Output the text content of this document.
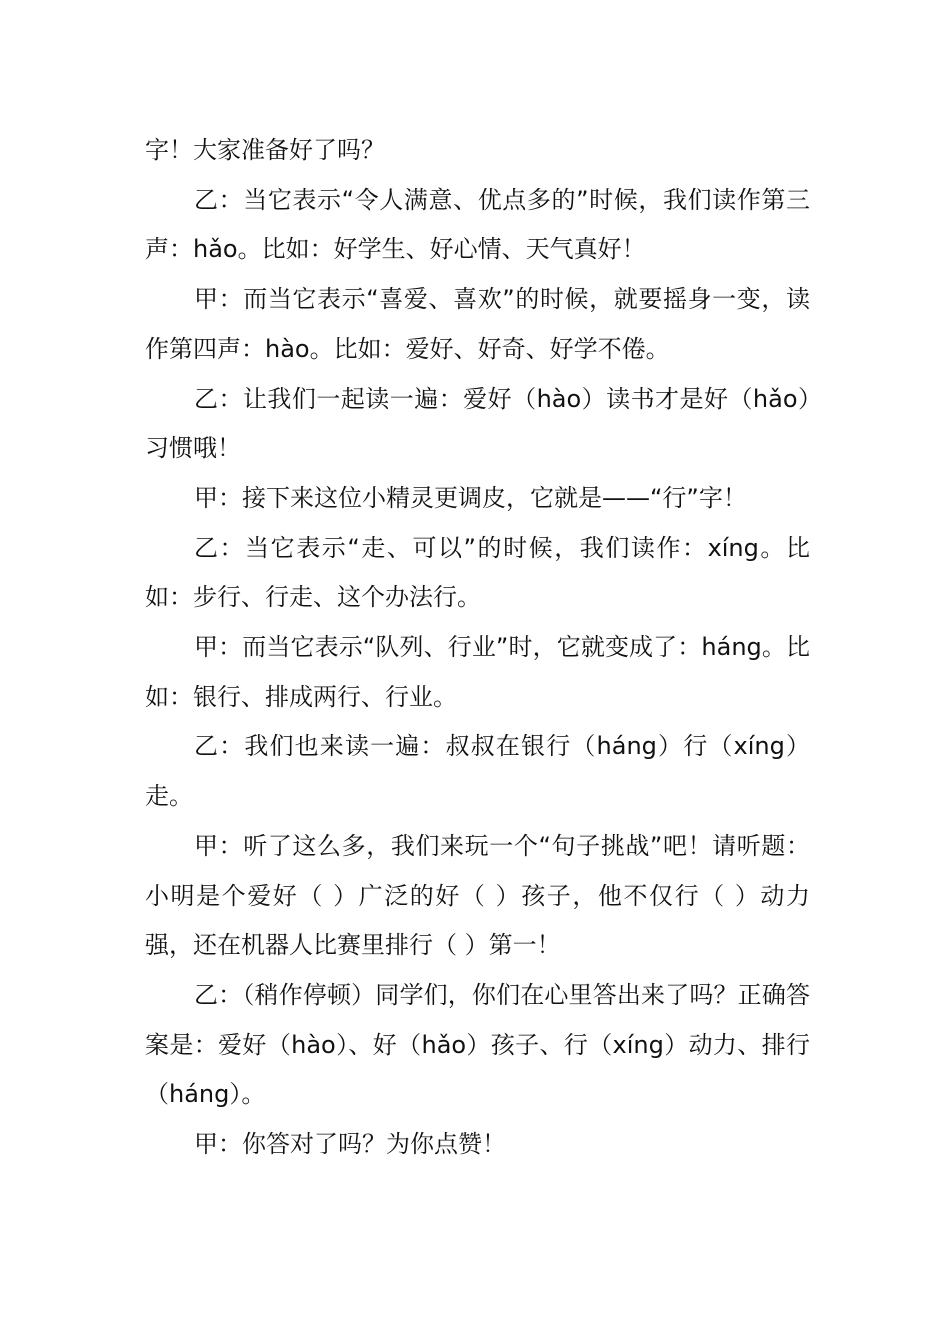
字！大家准备好了吗？

乙：当它表示“令人满意、优点多的”时候，我们读作第三声：hǎo。比如：好学生、好心情、天气真好！

甲：而当它表示“喜爱、喜欢”的时候，就要摇身一变，读作第四声：hào。比如：爱好、好奇、好学不倦。

乙：让我们一起读一遍：爱好（hào）读书才是好（hǎo）习惯哦！

甲：接下来这位小精灵更调皮，它就是——“行”字！

乙：当它表示“走、可以”的时候，我们读作：xíng。比如：步行、行走、这个办法行。

甲：而当它表示“队列、行业”时，它就变成了：háng。比如：银行、排成两行、行业。

乙：我们也来读一遍：叔叔在银行（háng）行（xíng）走。

甲：听了这么多，我们来玩一个“句子挑战”吧！请听题：小明是个爱好（ ）广泛的好（ ）孩子，他不仅行（ ）动力强，还在机器人比赛里排行（ ）第一！

乙：（稍作停顿）同学们，你们在心里答出来了吗？正确答案是：爱好（hào）、好（hǎo）孩子、行（xíng）动力、排行（háng）。

甲：你答对了吗？为你点赞！
